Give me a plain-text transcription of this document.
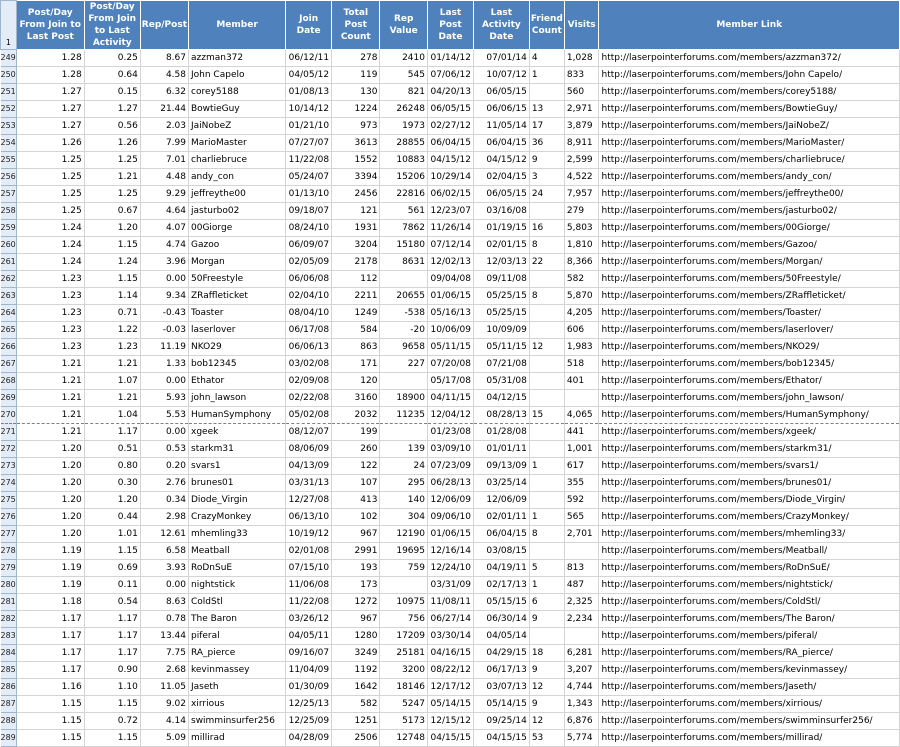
1	Post/Day From Join to Last Post	Post/Day From Join to Last Activity	Rep/Post	Member	Join Date	Total Post Count	Rep Value	Last Post Date	Last Activity Date	Friend Count	Visits	Member Link
249	1.28	0.25	8.67	azzman372	06/12/11	278	2410	01/14/12	07/01/14	4	1,028	http://laserpointerforums.com/members/azzman372/
250	1.28	0.64	4.58	John Capelo	04/05/12	119	545	07/06/12	10/07/12	1	833	http://laserpointerforums.com/members/John Capelo/
251	1.27	0.15	6.32	corey5188	01/08/13	130	821	04/20/13	06/05/15		560	http://laserpointerforums.com/members/corey5188/
252	1.27	1.27	21.44	BowtieGuy	10/14/12	1224	26248	06/05/15	06/06/15	13	2,971	http://laserpointerforums.com/members/BowtieGuy/
253	1.27	0.56	2.03	JaiNobeZ	01/21/10	973	1973	02/27/12	11/05/14	17	3,879	http://laserpointerforums.com/members/JaiNobeZ/
254	1.26	1.26	7.99	MarioMaster	07/27/07	3613	28855	06/04/15	06/04/15	36	8,911	http://laserpointerforums.com/members/MarioMaster/
255	1.25	1.25	7.01	charliebruce	11/22/08	1552	10883	04/15/12	04/15/12	9	2,599	http://laserpointerforums.com/members/charliebruce/
256	1.25	1.21	4.48	andy_con	05/24/07	3394	15206	10/29/14	02/04/15	3	4,522	http://laserpointerforums.com/members/andy_con/
257	1.25	1.25	9.29	jeffreythe00	01/13/10	2456	22816	06/02/15	06/05/15	24	7,957	http://laserpointerforums.com/members/jeffreythe00/
258	1.25	0.67	4.64	jasturbo02	09/18/07	121	561	12/23/07	03/16/08		279	http://laserpointerforums.com/members/jasturbo02/
259	1.24	1.20	4.07	00Giorge	08/24/10	1931	7862	11/26/14	01/19/15	16	5,803	http://laserpointerforums.com/members/00Giorge/
260	1.24	1.15	4.74	Gazoo	06/09/07	3204	15180	07/12/14	02/01/15	8	1,810	http://laserpointerforums.com/members/Gazoo/
261	1.24	1.24	3.96	Morgan	02/05/09	2178	8631	12/02/13	12/03/13	22	8,366	http://laserpointerforums.com/members/Morgan/
262	1.23	1.15	0.00	50Freestyle	06/06/08	112		09/04/08	09/11/08		582	http://laserpointerforums.com/members/50Freestyle/
263	1.23	1.14	9.34	ZRaffleticket	02/04/10	2211	20655	01/06/15	05/25/15	8	5,870	http://laserpointerforums.com/members/ZRaffleticket/
264	1.23	0.71	-0.43	Toaster	08/04/10	1249	-538	05/16/13	05/25/15		4,205	http://laserpointerforums.com/members/Toaster/
265	1.23	1.22	-0.03	laserlover	06/17/08	584	-20	10/06/09	10/09/09		606	http://laserpointerforums.com/members/laserlover/
266	1.23	1.23	11.19	NKO29	06/06/13	863	9658	05/11/15	05/11/15	12	1,983	http://laserpointerforums.com/members/NKO29/
267	1.21	1.21	1.33	bob12345	03/02/08	171	227	07/20/08	07/21/08		518	http://laserpointerforums.com/members/bob12345/
268	1.21	1.07	0.00	Ethator	02/09/08	120		05/17/08	05/31/08		401	http://laserpointerforums.com/members/Ethator/
269	1.21	1.21	5.93	john_lawson	02/22/08	3160	18900	04/11/15	04/12/15			http://laserpointerforums.com/members/john_lawson/
270	1.21	1.04	5.53	HumanSymphony	05/02/08	2032	11235	12/04/12	08/28/13	15	4,065	http://laserpointerforums.com/members/HumanSymphony/
271	1.21	1.17	0.00	xgeek	08/12/07	199		01/23/08	01/28/08		441	http://laserpointerforums.com/members/xgeek/
272	1.20	0.51	0.53	starkm31	08/06/09	260	139	03/09/10	01/01/11		1,001	http://laserpointerforums.com/members/starkm31/
273	1.20	0.80	0.20	svars1	04/13/09	122	24	07/23/09	09/13/09	1	617	http://laserpointerforums.com/members/svars1/
274	1.20	0.30	2.76	brunes01	03/31/13	107	295	06/28/13	03/25/14		355	http://laserpointerforums.com/members/brunes01/
275	1.20	1.20	0.34	Diode_Virgin	12/27/08	413	140	12/06/09	12/06/09		592	http://laserpointerforums.com/members/Diode_Virgin/
276	1.20	0.44	2.98	CrazyMonkey	06/13/10	102	304	09/06/10	02/01/11	1	565	http://laserpointerforums.com/members/CrazyMonkey/
277	1.20	1.01	12.61	mhemling33	10/19/12	967	12190	01/06/15	06/04/15	8	2,701	http://laserpointerforums.com/members/mhemling33/
278	1.19	1.15	6.58	Meatball	02/01/08	2991	19695	12/16/14	03/08/15			http://laserpointerforums.com/members/Meatball/
279	1.19	0.69	3.93	RoDnSuE	07/15/10	193	759	12/24/10	04/19/11	5	813	http://laserpointerforums.com/members/RoDnSuE/
280	1.19	0.11	0.00	nightstick	11/06/08	173		03/31/09	02/17/13	1	487	http://laserpointerforums.com/members/nightstick/
281	1.18	0.54	8.63	ColdStl	11/22/08	1272	10975	11/08/11	05/15/15	6	2,325	http://laserpointerforums.com/members/ColdStl/
282	1.17	1.17	0.78	The Baron	03/26/12	967	756	06/27/14	06/30/14	9	2,234	http://laserpointerforums.com/members/The Baron/
283	1.17	1.17	13.44	piferal	04/05/11	1280	17209	03/30/14	04/05/14			http://laserpointerforums.com/members/piferal/
284	1.17	1.17	7.75	RA_pierce	09/16/07	3249	25181	04/16/15	04/29/15	18	6,281	http://laserpointerforums.com/members/RA_pierce/
285	1.17	0.90	2.68	kevinmassey	11/04/09	1192	3200	08/22/12	06/17/13	9	3,207	http://laserpointerforums.com/members/kevinmassey/
286	1.16	1.10	11.05	Jaseth	01/30/09	1642	18146	12/17/12	03/07/13	12	4,744	http://laserpointerforums.com/members/Jaseth/
287	1.15	1.15	9.02	xirrious	12/25/13	582	5247	05/14/15	05/14/15	9	1,343	http://laserpointerforums.com/members/xirrious/
288	1.15	0.72	4.14	swimminsurfer256	12/25/09	1251	5173	12/15/12	09/25/14	12	6,876	http://laserpointerforums.com/members/swimminsurfer256/
289	1.15	1.15	5.09	millirad	04/28/09	2506	12748	04/15/15	04/15/15	53	5,774	http://laserpointerforums.com/members/millirad/
